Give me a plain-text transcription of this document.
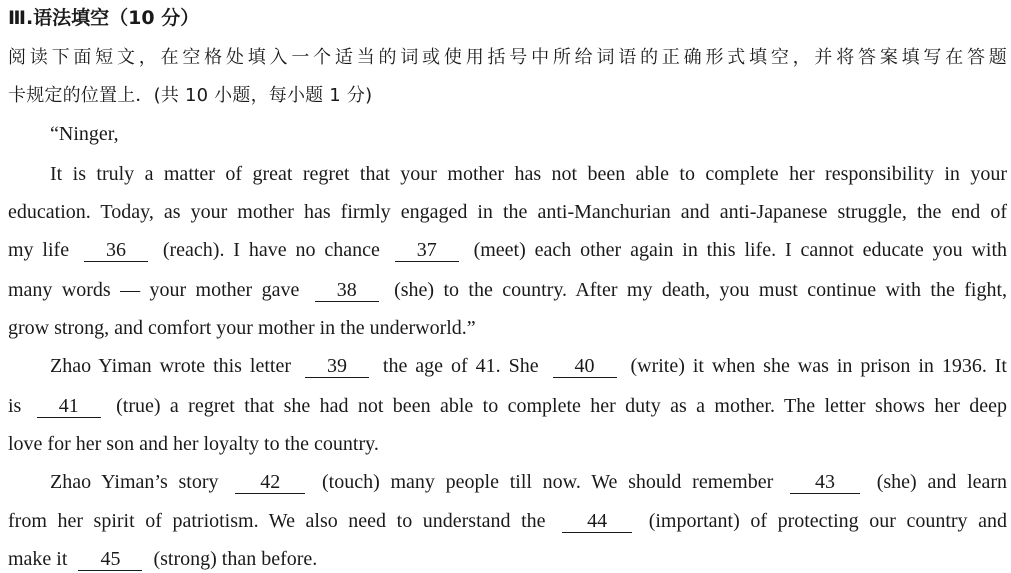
Ⅲ.语法填空（10 分）
阅读下面短文，在空格处填入一个适当的词或使用括号中所给词语的正确形式填空，并将答案填写在答题
卡规定的位置上．(共 10 小题，每小题 1 分)
“Ninger,
It is truly a matter of great regret that your mother has not been able to complete her responsibility in your
education. Today, as your mother has firmly engaged in the anti-Manchurian and anti-Japanese struggle, the end of
my life 36 (reach). I have no chance 37 (meet) each other again in this life. I cannot educate you with
many words — your mother gave 38 (she) to the country. After my death, you must continue with the fight,
grow strong, and comfort your mother in the underworld.”
Zhao Yiman wrote this letter 39 the age of 41. She 40 (write) it when she was in prison in 1936. It
is 41 (true) a regret that she had not been able to complete her duty as a mother. The letter shows her deep
love for her son and her loyalty to the country.
Zhao Yiman’s story 42 (touch) many people till now. We should remember 43 (she) and learn
from her spirit of patriotism. We also need to understand the 44 (important) of protecting our country and
make it 45 (strong) than before.
